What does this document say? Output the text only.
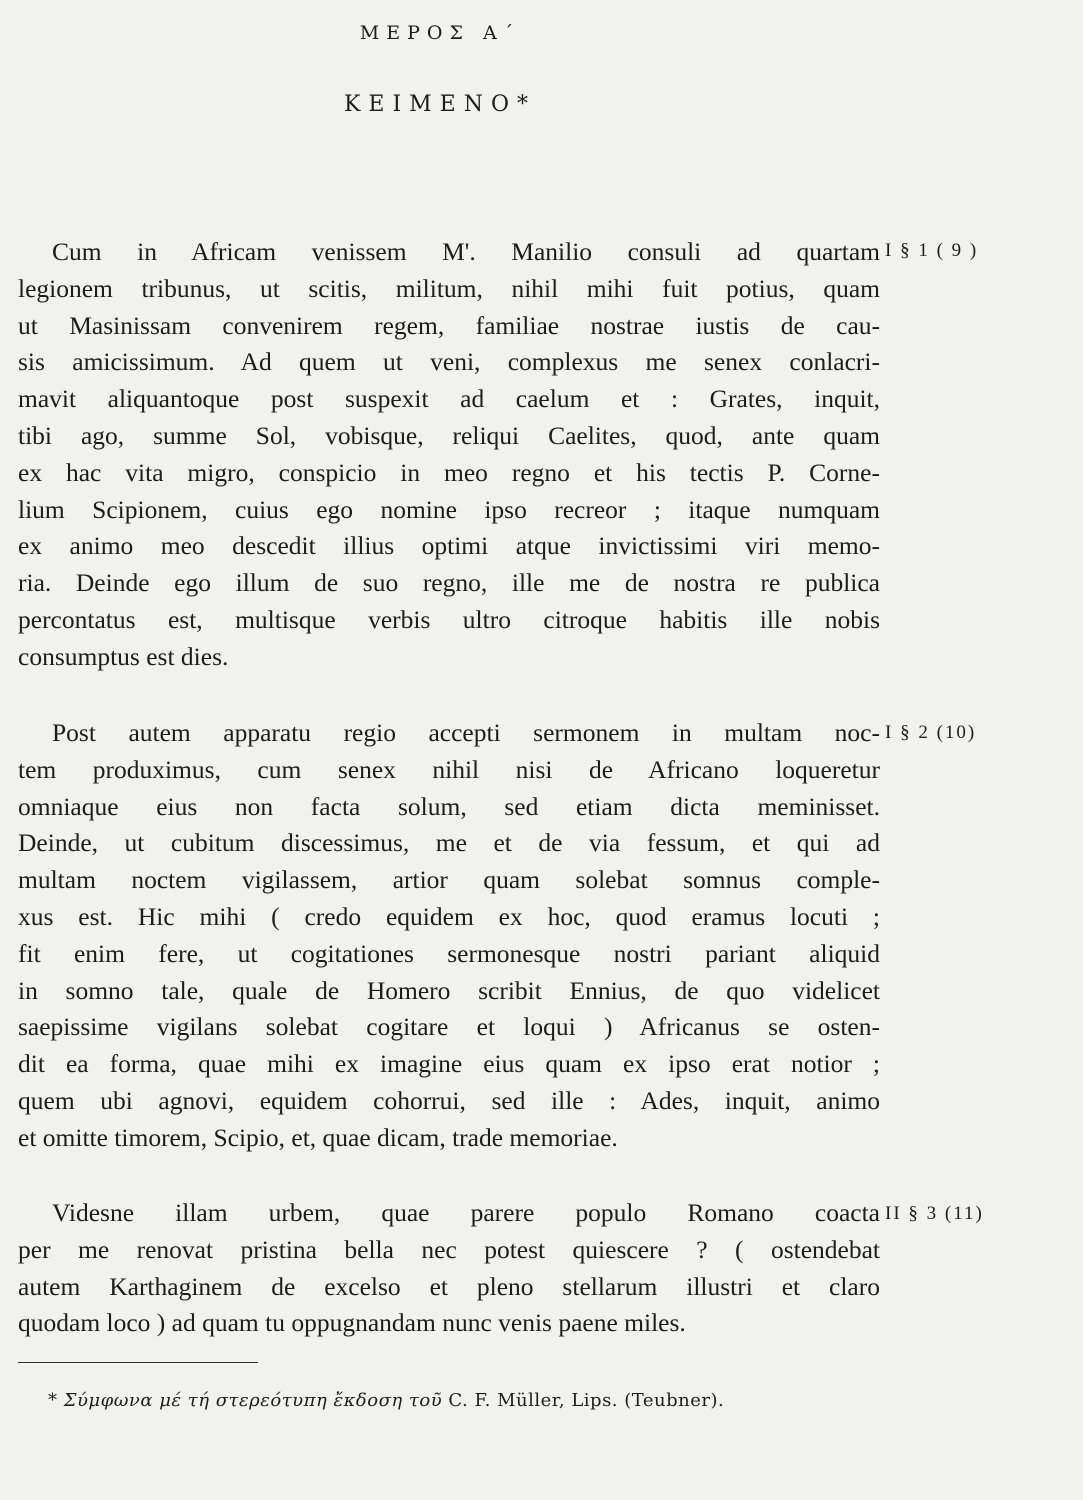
ΜΕΡΟΣ Α΄
ΚΕΙΜΕΝΟ*
Cum in Africam venissem M'. Manilio consuli ad quartam
legionem tribunus, ut scitis, militum, nihil mihi fuit potius, quam
ut Masinissam convenirem regem, familiae nostrae iustis de cau-
sis amicissimum. Ad quem ut veni, complexus me senex conlacri-
mavit aliquantoque post suspexit ad caelum et : Grates, inquit,
tibi ago, summe Sol, vobisque, reliqui Caelites, quod, ante quam
ex hac vita migro, conspicio in meo regno et his tectis P. Corne-
lium Scipionem, cuius ego nomine ipso recreor ; itaque numquam
ex animo meo descedit illius optimi atque invictissimi viri memo-
ria. Deinde ego illum de suo regno, ille me de nostra re publica
percontatus est, multisque verbis ultro citroque habitis ille nobis
consumptus est dies.
I § 1 ( 9 )
Post autem apparatu regio accepti sermonem in multam noc-
tem produximus, cum senex nihil nisi de Africano loqueretur
omniaque eius non facta solum, sed etiam dicta meminisset.
Deinde, ut cubitum discessimus, me et de via fessum, et qui ad
multam noctem vigilassem, artior quam solebat somnus comple-
xus est. Hic mihi ( credo equidem ex hoc, quod eramus locuti ;
fit enim fere, ut cogitationes sermonesque nostri pariant aliquid
in somno tale, quale de Homero scribit Ennius, de quo videlicet
saepissime vigilans solebat cogitare et loqui ) Africanus se osten-
dit ea forma, quae mihi ex imagine eius quam ex ipso erat notior ;
quem ubi agnovi, equidem cohorrui, sed ille : Ades, inquit, animo
et omitte timorem, Scipio, et, quae dicam, trade memoriae.
I § 2 (10)
Videsne illam urbem, quae parere populo Romano coacta
per me renovat pristina bella nec potest quiescere ? ( ostendebat
autem Karthaginem de excelso et pleno stellarum illustri et claro
quodam loco ) ad quam tu oppugnandam nunc venis paene miles.
II § 3 (11)
* Σύμφωνα μέ τή στερεότυπη ἔκδοση τοῦ C. F. Müller, Lips. (Teubner).
